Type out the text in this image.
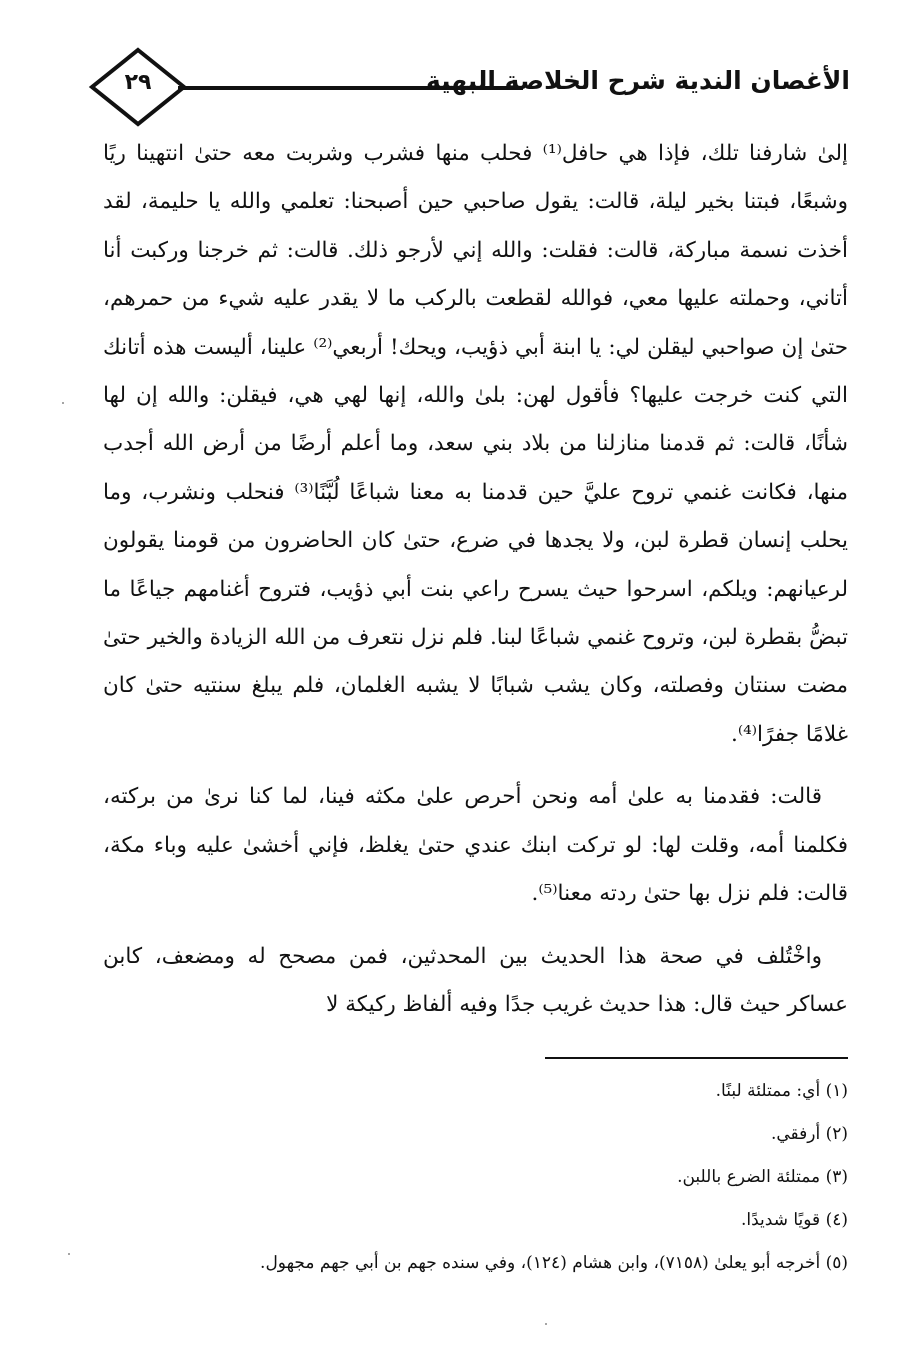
٢٩	الأغصان الندية شرح الخلاصة البهية

إلىٰ شارفنا تلك، فإذا هي حافل⁽¹⁾ فحلب منها فشرب وشربت معه حتىٰ انتهينا ريًا وشبعًا، فبتنا بخير ليلة، قالت: يقول صاحبي حين أصبحنا: تعلمي والله يا حليمة، لقد أخذت نسمة مباركة، قالت: فقلت: والله إني لأرجو ذلك. قالت: ثم خرجنا وركبت أنا أتاني، وحملته عليها معي، فوالله لقطعت بالركب ما لا يقدر عليه شيء من حمرهم، حتىٰ إن صواحبي ليقلن لي: يا ابنة أبي ذؤيب، ويحك! أربعي⁽²⁾ علينا، أليست هذه أتانك التي كنت خرجت عليها؟ فأقول لهن: بلىٰ والله، إنها لهي هي، فيقلن: والله إن لها شأنًا، قالت: ثم قدمنا منازلنا من بلاد بني سعد، وما أعلم أرضًا من أرض الله أجدب منها، فكانت غنمي تروح عليَّ حين قدمنا به معنا شباعًا لُبَّنًا⁽³⁾ فنحلب ونشرب، وما يحلب إنسان قطرة لبن، ولا يجدها في ضرع، حتىٰ كان الحاضرون من قومنا يقولون لرعيانهم: ويلكم، اسرحوا حيث يسرح راعي بنت أبي ذؤيب، فتروح أغنامهم جياعًا ما تبضُّ بقطرة لبن، وتروح غنمي شباعًا لبنا. فلم نزل نتعرف من الله الزيادة والخير حتىٰ مضت سنتان وفصلته، وكان يشب شبابًا لا يشبه الغلمان، فلم يبلغ سنتيه حتىٰ كان غلامًا جفرًا⁽⁴⁾.

قالت: فقدمنا به علىٰ أمه ونحن أحرص علىٰ مكثه فينا، لما كنا نرىٰ من بركته، فكلمنا أمه، وقلت لها: لو تركت ابنك عندي حتىٰ يغلظ، فإني أخشىٰ عليه وباء مكة، قالت: فلم نزل بها حتىٰ ردته معنا⁽⁵⁾.

واخْتُلف في صحة هذا الحديث بين المحدثين، فمن مصحح له ومضعف، كابن عساكر حيث قال: هذا حديث غريب جدًا وفيه ألفاظ ركيكة لا

(١) أي: ممتلئة لبنًا.
(٢) أرفقي.
(٣) ممتلئة الضرع باللبن.
(٤) قويًا شديدًا.
(٥) أخرجه أبو يعلىٰ (٧١٥٨)، وابن هشام (١٢٤)، وفي سنده جهم بن أبي جهم مجهول.
